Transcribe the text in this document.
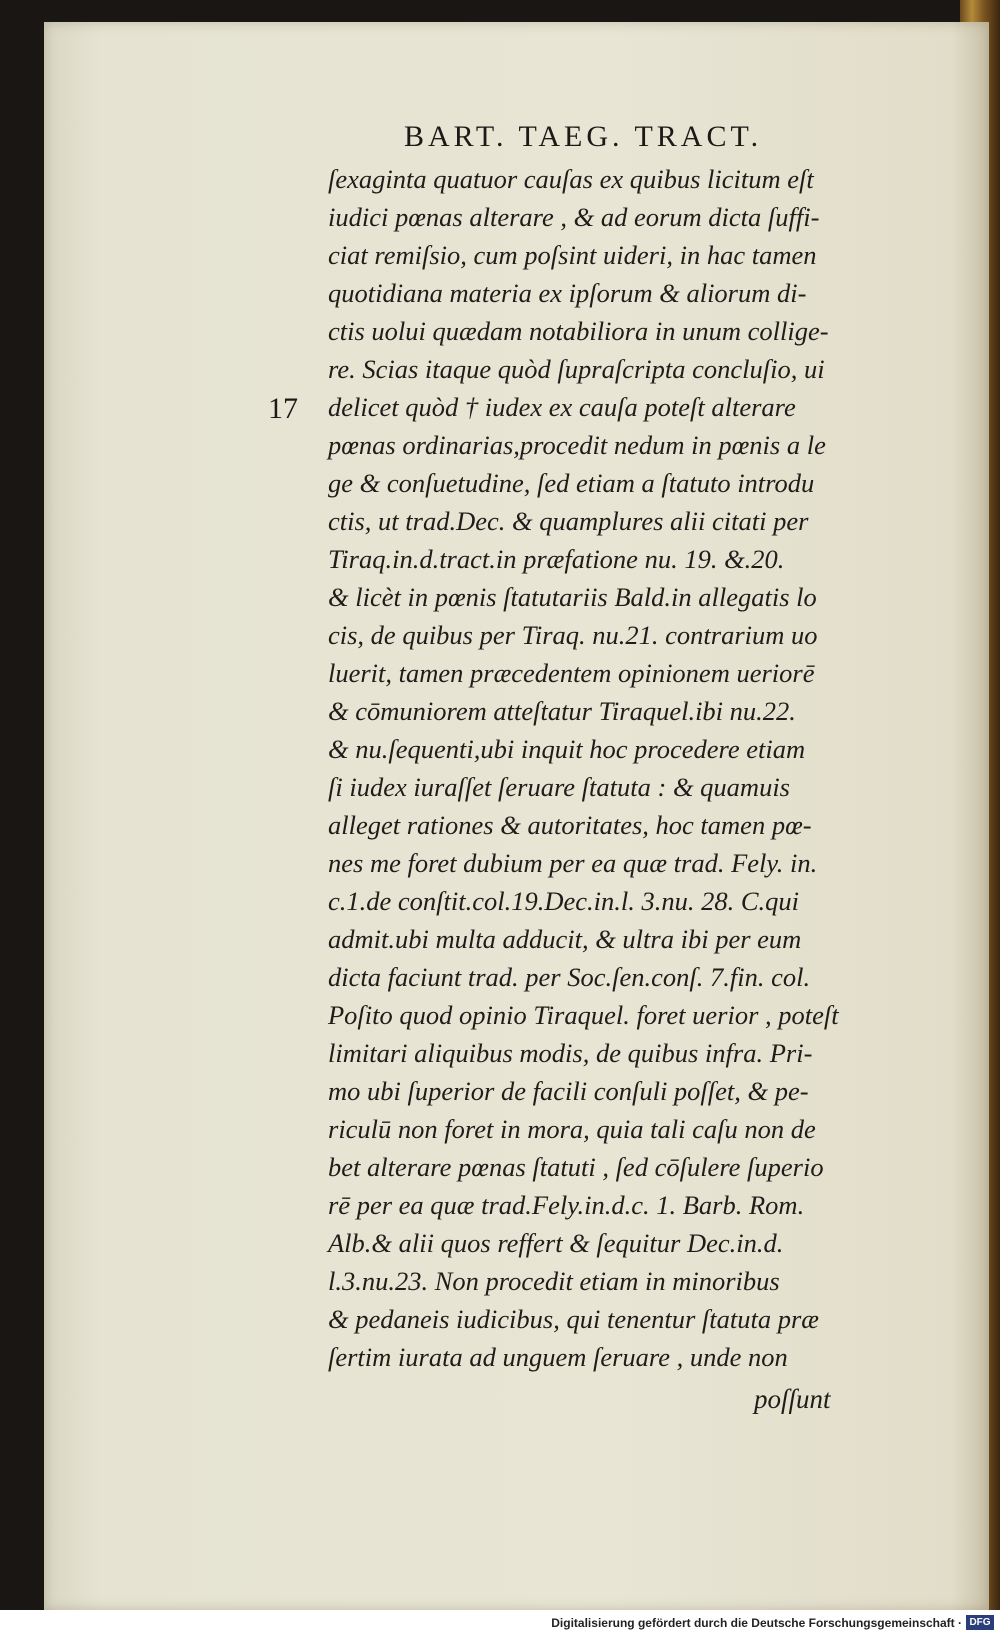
BART. TAEG. TRACT.
17
ſexaginta quatuor cauſas ex quibus licitum eſt
iudici pœnas alterare , & ad eorum dicta ſuffi-
ciat remiſsio, cum poſsint uideri, in hac tamen
quotidiana materia ex ipſorum & aliorum di-
ctis uolui quædam notabiliora in unum collige-
re. Scias itaque quòd ſupraſcripta concluſio, ui
delicet quòd † iudex ex cauſa poteſt alterare
pœnas ordinarias,procedit nedum in pœnis a le
ge & conſuetudine, ſed etiam a ſtatuto introdu
ctis, ut trad.Dec. & quamplures alii citati per
Tiraq.in.d.tract.in præfatione nu. 19. &.20.
& licèt in pœnis ſtatutariis Bald.in allegatis lo
cis, de quibus per Tiraq. nu.21. contrarium uo
luerit, tamen præcedentem opinionem ueriorē
& cōmuniorem atteſtatur Tiraquel.ibi nu.22.
& nu.ſequenti,ubi inquit hoc procedere etiam
ſi iudex iuraſſet ſeruare ſtatuta : & quamuis
alleget rationes & autoritates, hoc tamen pœ-
nes me foret dubium per ea quæ trad. Fely. in.
c.1.de conſtit.col.19.Dec.in.l. 3.nu. 28. C.qui
admit.ubi multa adducit, & ultra ibi per eum
dicta faciunt trad. per Soc.ſen.conſ. 7.fin. col.
Poſito quod opinio Tiraquel. foret uerior , poteſt
limitari aliquibus modis, de quibus infra. Pri-
mo ubi ſuperior de facili conſuli poſſet, & pe-
riculū non foret in mora, quia tali caſu non de
bet alterare pœnas ſtatuti , ſed cōſulere ſuperio
rē per ea quæ trad.Fely.in.d.c. 1. Barb. Rom.
Alb.& alii quos reffert & ſequitur Dec.in.d.
l.3.nu.23. Non procedit etiam in minoribus
& pedaneis iudicibus, qui tenentur ſtatuta præ
ſertim iurata ad unguem ſeruare , unde non
poſſunt
Digitalisierung gefördert durch die Deutsche Forschungsgemeinschaft · DFG
